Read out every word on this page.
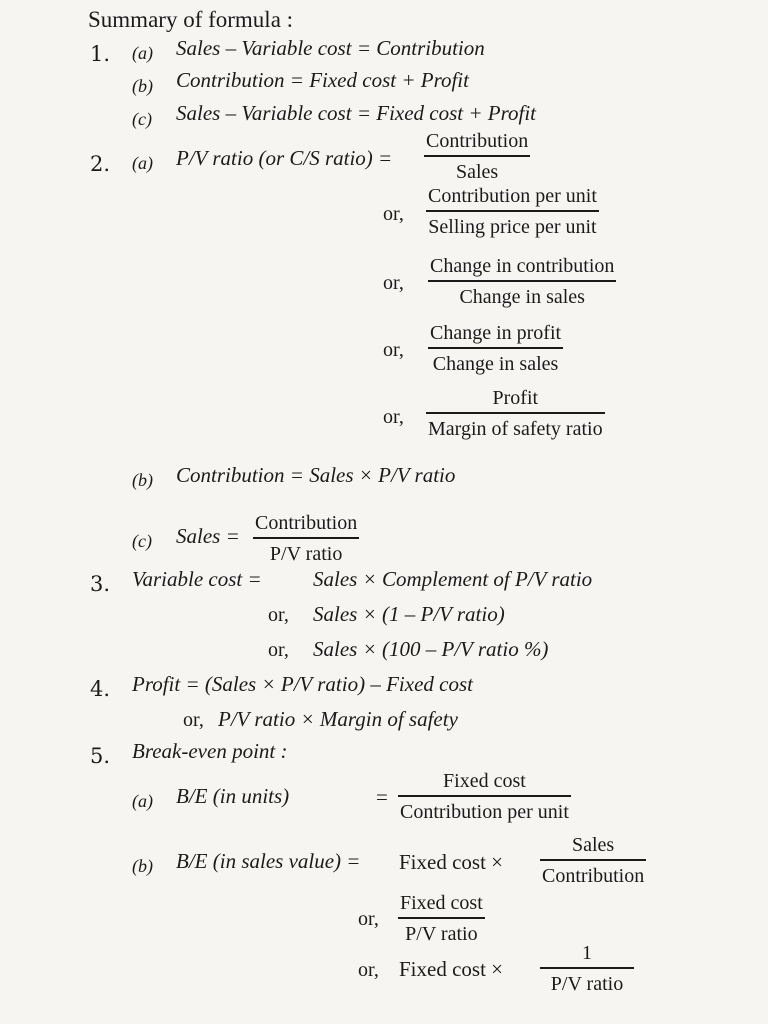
Summary of formula :
1. (a) Sales – Variable cost = Contribution
(b) Contribution = Fixed cost + Profit
(c) Sales – Variable cost = Fixed cost + Profit
2. (a) P/V ratio (or C/S ratio) =
Contribution
Sales
or,
Contribution per unit
Selling price per unit
or,
Change in contribution
Change in sales
or,
Change in profit
Change in sales
or,
Profit
Margin of safety ratio
(b) Contribution = Sales × P/V ratio
(c) Sales =
Contribution
P/V ratio
3. Variable cost = Sales × Complement of P/V ratio
or, Sales × (1 – P/V ratio)
or, Sales × (100 – P/V ratio %)
4. Profit = (Sales × P/V ratio) – Fixed cost
or, P/V ratio × Margin of safety
5. Break-even point :
(a) B/E (in units)	=
Fixed cost
Contribution per unit
(b) B/E (in sales value) = Fixed cost ×
Sales
Contribution
or,
Fixed cost
P/V ratio
or, Fixed cost ×
1
P/V ratio
